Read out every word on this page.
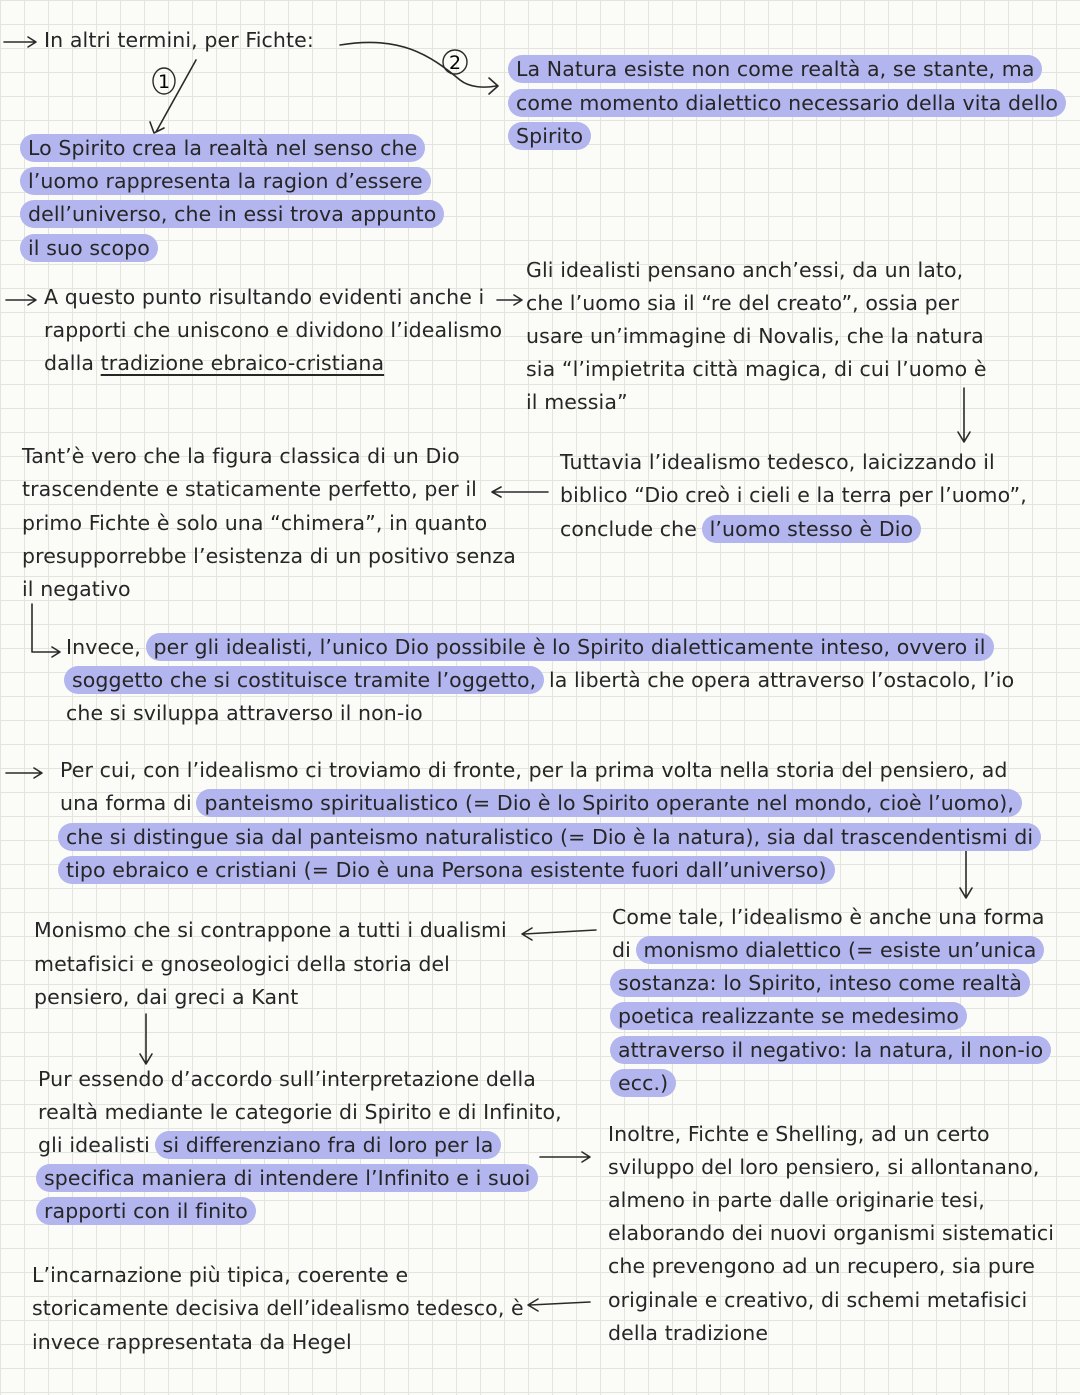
1
2
In altri termini, per Fichte:
Lo Spirito crea la realtà nel senso che
l’uomo rappresenta la ragion d’essere
dell’universo, che in essi trova appunto
il suo scopo
La Natura esiste non come realtà a, se stante, ma
come momento dialettico necessario della vita dello
Spirito
A questo punto risultando evidenti anche i
rapporti che uniscono e dividono l’idealismo
dalla tradizione ebraico-cristiana
Gli idealisti pensano anch’essi, da un lato,
che l’uomo sia il “re del creato”, ossia per
usare un’immagine di Novalis, che la natura
sia “l’impietrita città magica, di cui l’uomo è
il messia”
Tuttavia l’idealismo tedesco, laicizzando il
biblico “Dio creò i cieli e la terra per l’uomo”,
conclude che l’uomo stesso è Dio
Tant’è vero che la figura classica di un Dio
trascendente e staticamente perfetto, per il
primo Fichte è solo una “chimera”, in quanto
presupporrebbe l’esistenza di un positivo senza
il negativo
Invece, per gli idealisti, l’unico Dio possibile è lo Spirito dialetticamente inteso, ovvero il
soggetto che si costituisce tramite l’oggetto, la libertà che opera attraverso l’ostacolo, l’io
che si sviluppa attraverso il non-io
Per cui, con l’idealismo ci troviamo di fronte, per la prima volta nella storia del pensiero, ad
una forma di panteismo spiritualistico (= Dio è lo Spirito operante nel mondo, cioè l’uomo),
che si distingue sia dal panteismo naturalistico (= Dio è la natura), sia dal trascendentismi di
tipo ebraico e cristiani (= Dio è una Persona esistente fuori dall’universo)
Come tale, l’idealismo è anche una forma
di monismo dialettico (= esiste un’unica
sostanza: lo Spirito, inteso come realtà
poetica realizzante se medesimo
attraverso il negativo: la natura, il non-io
ecc.)
Monismo che si contrappone a tutti i dualismi
metafisici e gnoseologici della storia del
pensiero, dai greci a Kant
Pur essendo d’accordo sull’interpretazione della
realtà mediante le categorie di Spirito e di Infinito,
gli idealisti si differenziano fra di loro per la
specifica maniera di intendere l’Infinito e i suoi
rapporti con il finito
Inoltre, Fichte e Shelling, ad un certo
sviluppo del loro pensiero, si allontanano,
almeno in parte dalle originarie tesi,
elaborando dei nuovi organismi sistematici
che prevengono ad un recupero, sia pure
originale e creativo, di schemi metafisici
della tradizione
L’incarnazione più tipica, coerente e
storicamente decisiva dell’idealismo tedesco, è
invece rappresentata da Hegel
